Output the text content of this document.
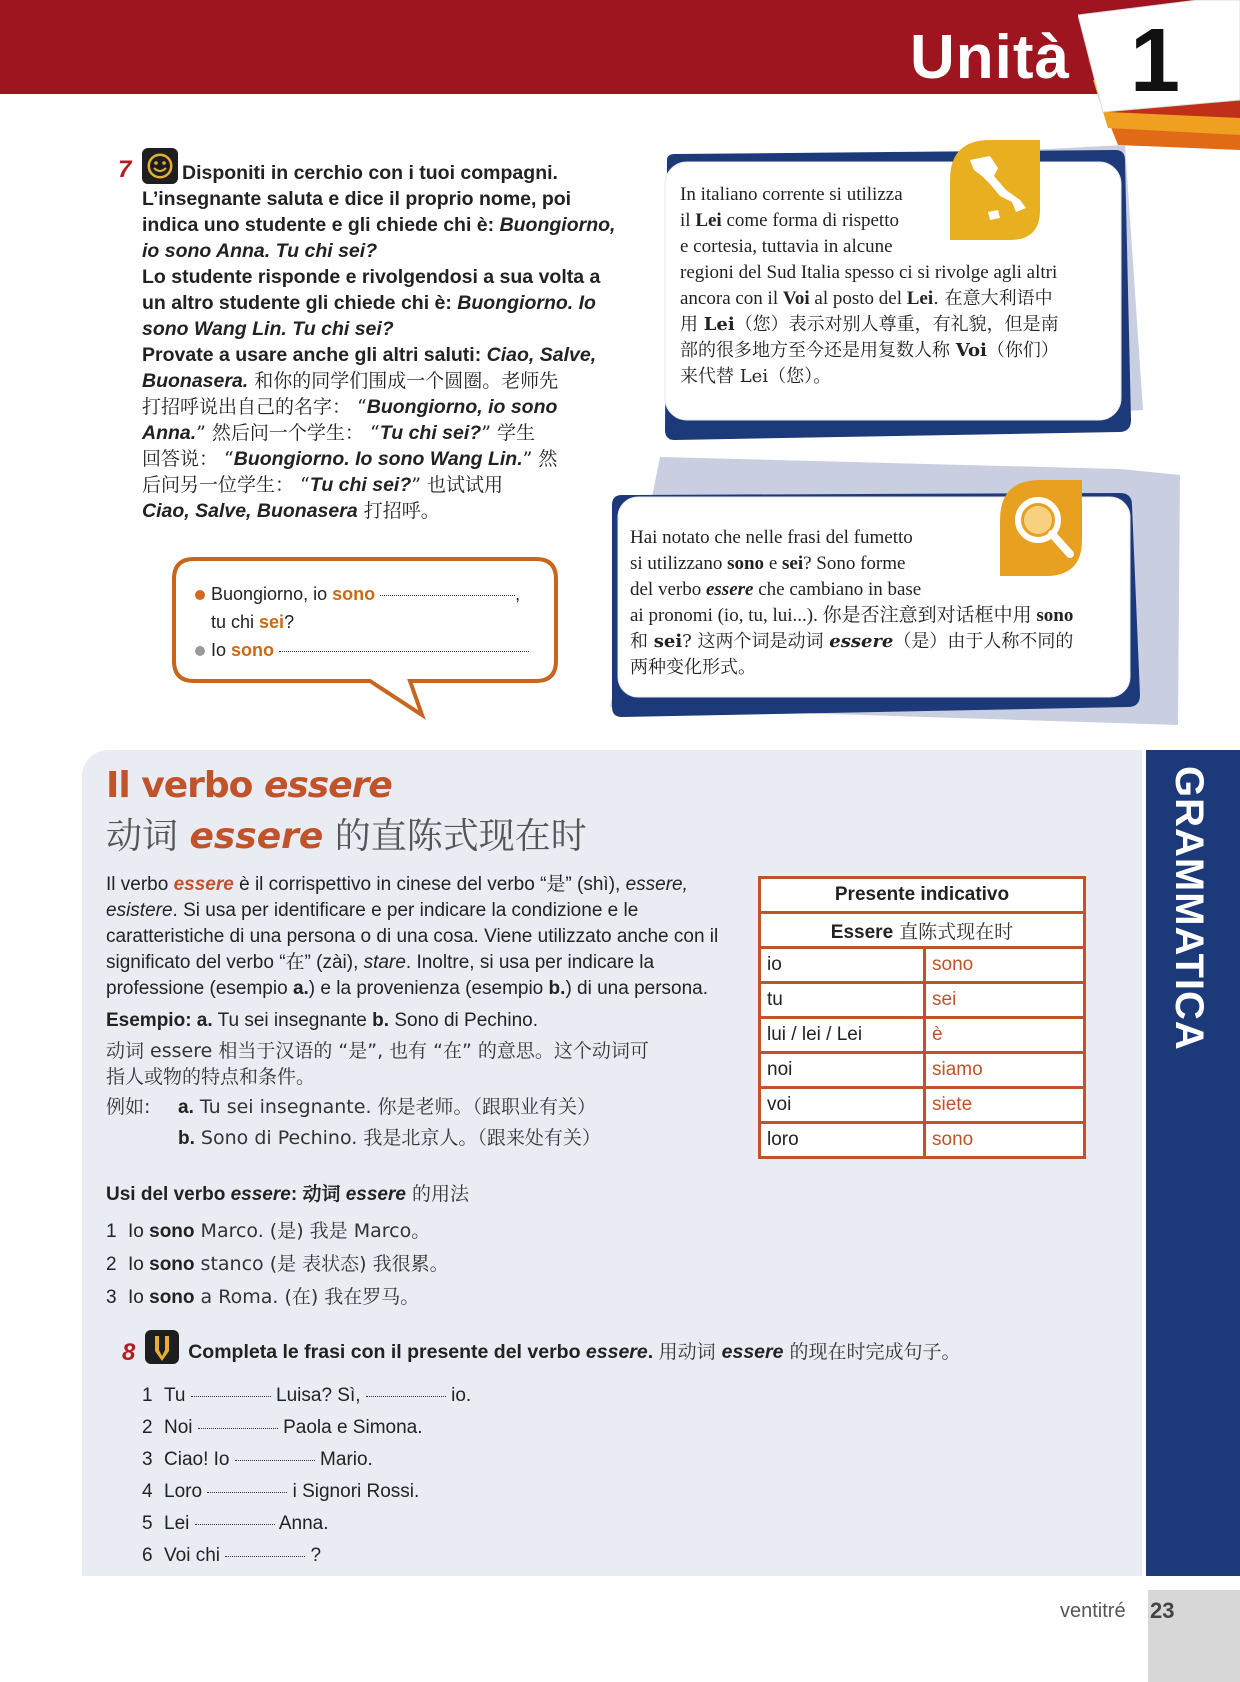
Unità 1
7	Disponiti in cerchio con i tuoi compagni.

L’insegnante saluta e dice il proprio nome, poi

indica uno studente e gli chiede chi è: Buongiorno,

io sono Anna. Tu chi sei?

Lo studente risponde e rivolgendosi a sua volta a

un altro studente gli chiede chi è: Buongiorno. Io

sono Wang Lin. Tu chi sei?

Provate a usare anche gli altri saluti: Ciao, Salve,

Buonasera. 和你的同学们围成一个圆圈。老师先

打招呼说出自己的名字： “Buongiorno, io sono

Anna.” 然后问一个学生： “Tu chi sei?” 学生

回答说： “Buongiorno. Io sono Wang Lin.” 然

后问另一位学生： “Tu chi sei?” 也试试用

Ciao, Salve, Buonasera 打招呼。

Buongiorno, io sono	,
tu chi sei?
Io sono
In italiano corrente si utilizza
il Lei come forma di rispetto
e cortesia, tuttavia in alcune
regioni del Sud Italia spesso ci si rivolge agli altri
ancora con il Voi al posto del Lei. 在意大利语中
用 Lei（您）表示对别人尊重，有礼貌，但是南
部的很多地方至今还是用复数人称 Voi（你们）
来代替 Lei（您）。
Hai notato che nelle frasi del fumetto
si utilizzano sono e sei? Sono forme
del verbo essere che cambiano in base
ai pronomi (io, tu, lui...). 你是否注意到对话框中用 sono
和 sei? 这两个词是动词 essere（是）由于人称不同的
两种变化形式。
GRAMMATICA
Il verbo essere
动词 essere 的直陈式现在时

Il verbo essere è il corrispettivo in cinese del verbo “是” (shì), essere,

esistere. Si usa per identificare e per indicare la condizione e le

caratteristiche di una persona o di una cosa. Viene utilizzato anche con il

significato del verbo “在” (zài), stare. Inoltre, si usa per indicare la

professione (esempio a.) e la provenienza (esempio b.) di una persona.

Esempio: a. Tu sei insegnante b. Sono di Pechino.

动词 essere 相当于汉语的 “是”, 也有 “在” 的意思。这个动词可

指人或物的特点和条件。

例如: a. Tu sei insegnante. 你是老师。（跟职业有关）

b. Sono di Pechino. 我是北京人。（跟来处有关）

Presente indicativo	
Essere 直陈式现在时	
io	sono
tu	sei
lui / lei / Lei	è
noi	siamo
voi	siete
loro	sono
Usi del verbo essere: 动词 essere 的用法
1 Io sono Marco. (是) 我是 Marco。
2 Io sono stanco (是 表状态) 我很累。
3 Io sono a Roma. (在) 我在罗马。
8	Completa le frasi con il presente del verbo essere. 用动词 essere 的现在时完成句子。
1 Tu	Luisa? Sì,	io.
2 Noi	Paola e Simona.
3 Ciao! Io	Mario.
4 Loro	i Signori Rossi.
5 Lei	Anna.
6 Voi chi	?
ventitré 23
